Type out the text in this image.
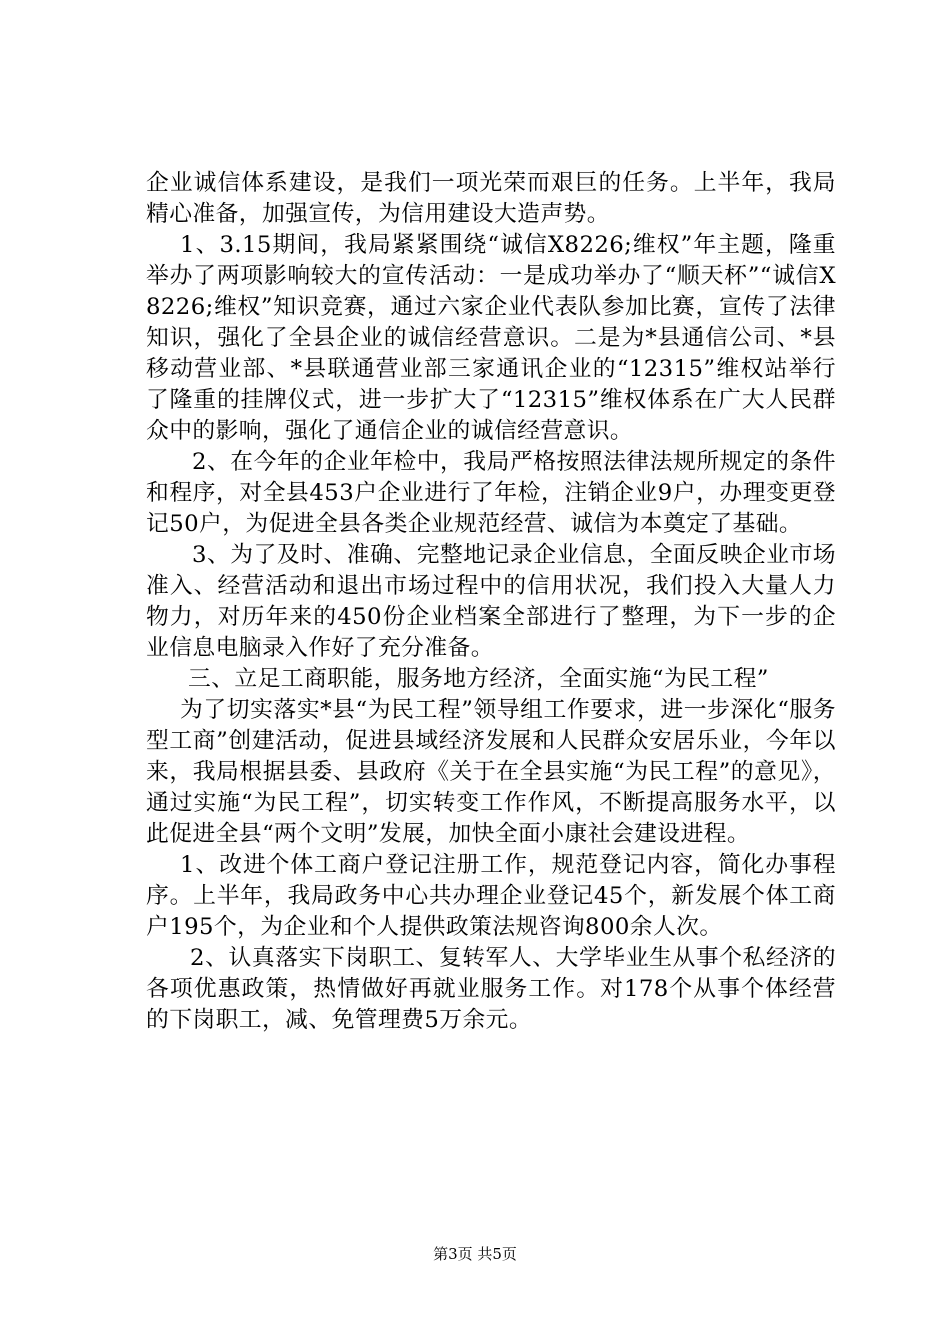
企业诚信体系建设，是我们一项光荣而艰巨的任务。上半年，我局精心准备，加强宣传，为信用建设大造声势。

1、3.15期间，我局紧紧围绕“诚信X8226;维权”年主题，隆重举办了两项影响较大的宣传活动：一是成功举办了“顺天杯”“诚信X8226;维权”知识竞赛，通过六家企业代表队参加比赛，宣传了法律知识，强化了全县企业的诚信经营意识。二是为*县通信公司、*县移动营业部、*县联通营业部三家通讯企业的“12315”维权站举行了隆重的挂牌仪式，进一步扩大了“12315”维权体系在广大人民群众中的影响，强化了通信企业的诚信经营意识。

2、在今年的企业年检中，我局严格按照法律法规所规定的条件和程序，对全县453户企业进行了年检，注销企业9户，办理变更登记50户，为促进全县各类企业规范经营、诚信为本奠定了基础。

3、为了及时、准确、完整地记录企业信息，全面反映企业市场准入、经营活动和退出市场过程中的信用状况，我们投入大量人力物力，对历年来的450份企业档案全部进行了整理，为下一步的企业信息电脑录入作好了充分准备。

三、立足工商职能，服务地方经济，全面实施“为民工程”

为了切实落实*县“为民工程”领导组工作要求，进一步深化“服务型工商”创建活动，促进县域经济发展和人民群众安居乐业，今年以来，我局根据县委、县政府《关于在全县实施“为民工程”的意见》，通过实施“为民工程”，切实转变工作作风，不断提高服务水平，以此促进全县“两个文明”发展，加快全面小康社会建设进程。

1、改进个体工商户登记注册工作，规范登记内容，简化办事程序。上半年，我局政务中心共办理企业登记45个，新发展个体工商户195个，为企业和个人提供政策法规咨询800余人次。

2、认真落实下岗职工、复转军人、大学毕业生从事个私经济的各项优惠政策，热情做好再就业服务工作。对178个从事个体经营的下岗职工，减、免管理费5万余元。

第3页 共5页
